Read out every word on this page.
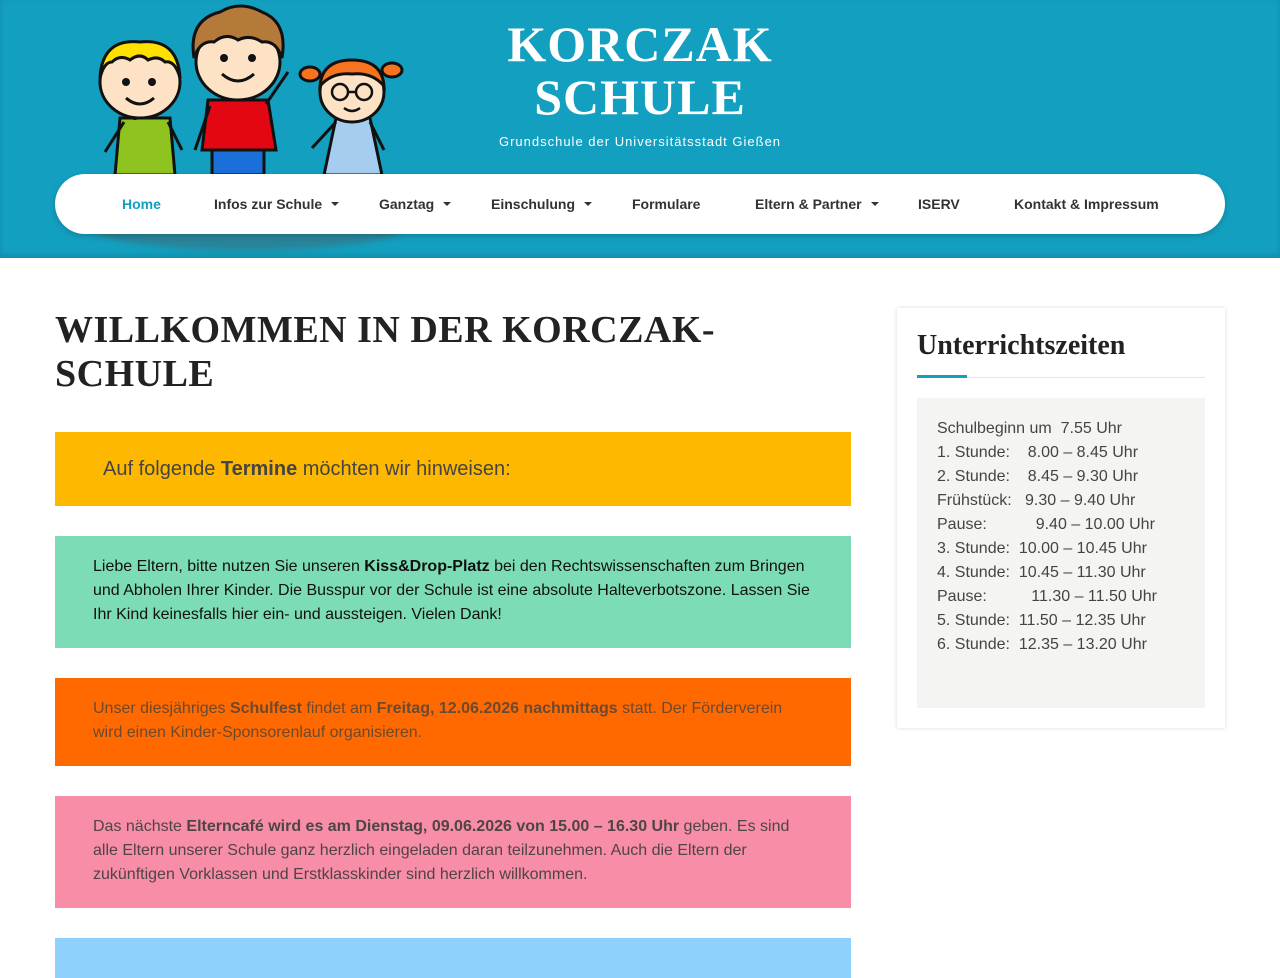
KORCZAK
SCHULE
Grundschule der Universitätsstadt Gießen
Home	Infos zur Schule	Ganztag	Einschulung	Formulare	Eltern & Partner	ISERV	Kontakt & Impressum
WILLKOMMEN IN DER KORCZAK-SCHULE
Auf folgende Termine möchten wir hinweisen:
Liebe Eltern, bitte nutzen Sie unseren Kiss&Drop-Platz bei den Rechtswissenschaften zum Bringen und Abholen Ihrer Kinder. Die Busspur vor der Schule ist eine absolute Halteverbotszone. Lassen Sie Ihr Kind keinesfalls hier ein- und aussteigen. Vielen Dank!
Unser diesjähriges Schulfest findet am Freitag, 12.06.2026 nachmittags statt. Der Förderverein wird einen Kinder-Sponsorenlauf organisieren.
Das nächste Elterncafé wird es am Dienstag, 09.06.2026 von 15.00 – 16.30 Uhr geben. Es sind alle Eltern unserer Schule ganz herzlich eingeladen daran teilzunehmen. Auch die Eltern der zukünftigen Vorklassen und Erstklasskinder sind herzlich willkommen.
Unterrichtszeiten
Schulbeginn um  7.55 Uhr
1. Stunde:    8.00 – 8.45 Uhr
2. Stunde:    8.45 – 9.30 Uhr
Frühstück:   9.30 – 9.40 Uhr
Pause:           9.40 – 10.00 Uhr
3. Stunde:  10.00 – 10.45 Uhr
4. Stunde:  10.45 – 11.30 Uhr
Pause:          11.30 – 11.50 Uhr
5. Stunde:  11.50 – 12.35 Uhr
6. Stunde:  12.35 – 13.20 Uhr
